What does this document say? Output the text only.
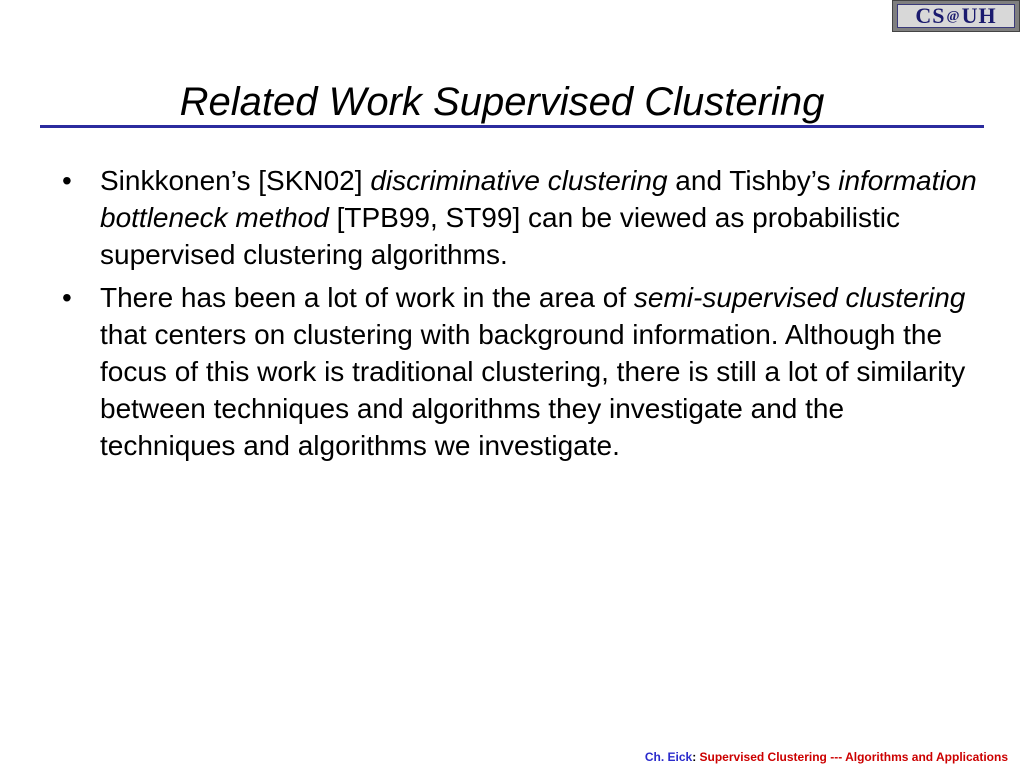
CS @ UH
Related Work Supervised Clustering
• Sinkkonen’s [SKN02] discriminative clustering and Tishby’s information bottleneck method [TPB99, ST99] can be viewed as probabilistic supervised clustering algorithms.
• There has been a lot of work in the area of semi-supervised clustering that centers on clustering with background information. Although the focus of this work is traditional clustering, there is still a lot of similarity between techniques and algorithms they investigate and the techniques and algorithms we investigate.
Ch. Eick: Supervised Clustering --- Algorithms and Applications
